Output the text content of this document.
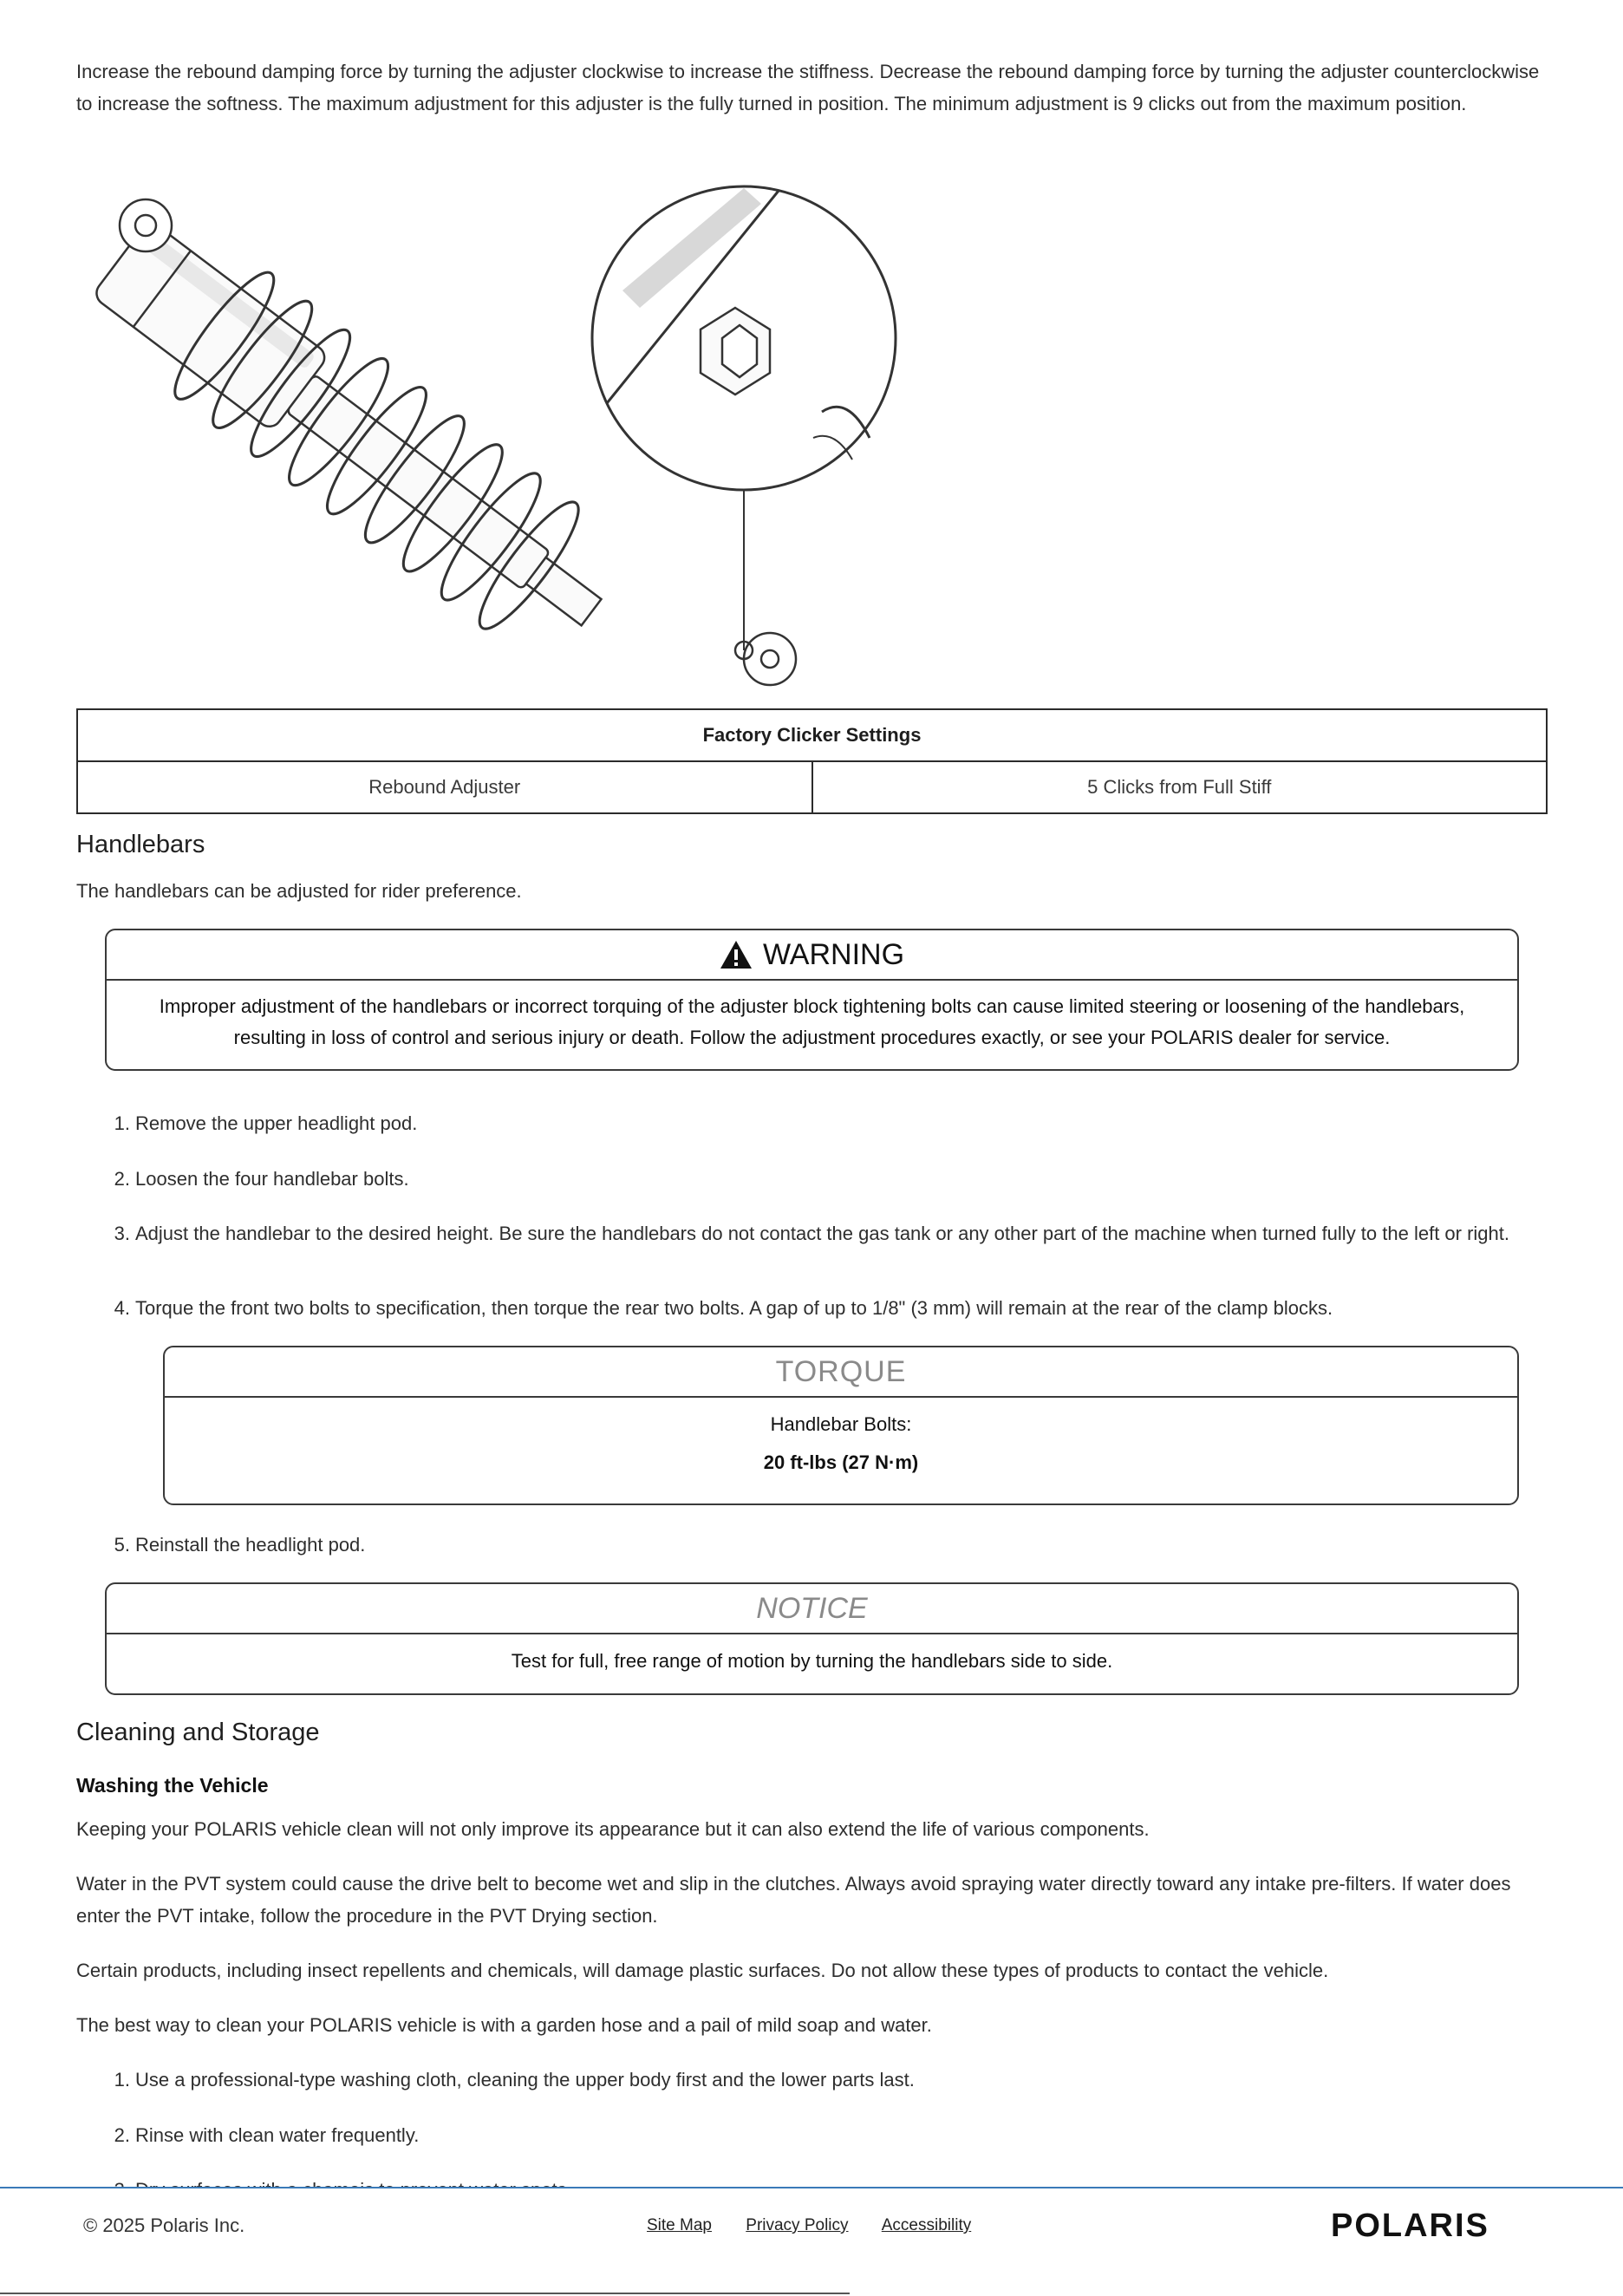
Increase the rebound damping force by turning the adjuster clockwise to increase the stiffness. Decrease the rebound damping force by turning the adjuster counterclockwise to increase the softness. The maximum adjustment for this adjuster is the fully turned in position. The minimum adjustment is 9 clicks out from the maximum position.

Factory Clicker Settings
Rebound Adjuster	5 Clicks from Full Stiff
Handlebars

The handlebars can be adjusted for rider preference.

WARNING
Improper adjustment of the handlebars or incorrect torquing of the adjuster block tightening bolts can cause limited steering or loosening of the handlebars, resulting in loss of control and serious injury or death. Follow the adjustment procedures exactly, or see your POLARIS dealer for service.
1. Remove the upper headlight pod.
2. Loosen the four handlebar bolts.
3. Adjust the handlebar to the desired height. Be sure the handlebars do not contact the gas tank or any other part of the machine when turned fully to the left or right.
4. Torque the front two bolts to specification, then torque the rear two bolts. A gap of up to 1/8" (3 mm) will remain at the rear of the clamp blocks.
5. Reinstall the headlight pod.
TORQUE
Handlebar Bolts:
20 ft-lbs (27 N·m)
NOTICE
Test for full, free range of motion by turning the handlebars side to side.
Cleaning and Storage
Washing the Vehicle

Keeping your POLARIS vehicle clean will not only improve its appearance but it can also extend the life of various components.

Water in the PVT system could cause the drive belt to become wet and slip in the clutches. Always avoid spraying water directly toward any intake pre-filters. If water does enter the PVT intake, follow the procedure in the PVT Drying section.

Certain products, including insect repellents and chemicals, will damage plastic surfaces. Do not allow these types of products to contact the vehicle.

The best way to clean your POLARIS vehicle is with a garden hose and a pail of mild soap and water.

1. Use a professional-type washing cloth, cleaning the upper body first and the lower parts last.
2. Rinse with clean water frequently.
© 2025 Polaris Inc.	Site Map Privacy Policy Accessibility	POLARIS
